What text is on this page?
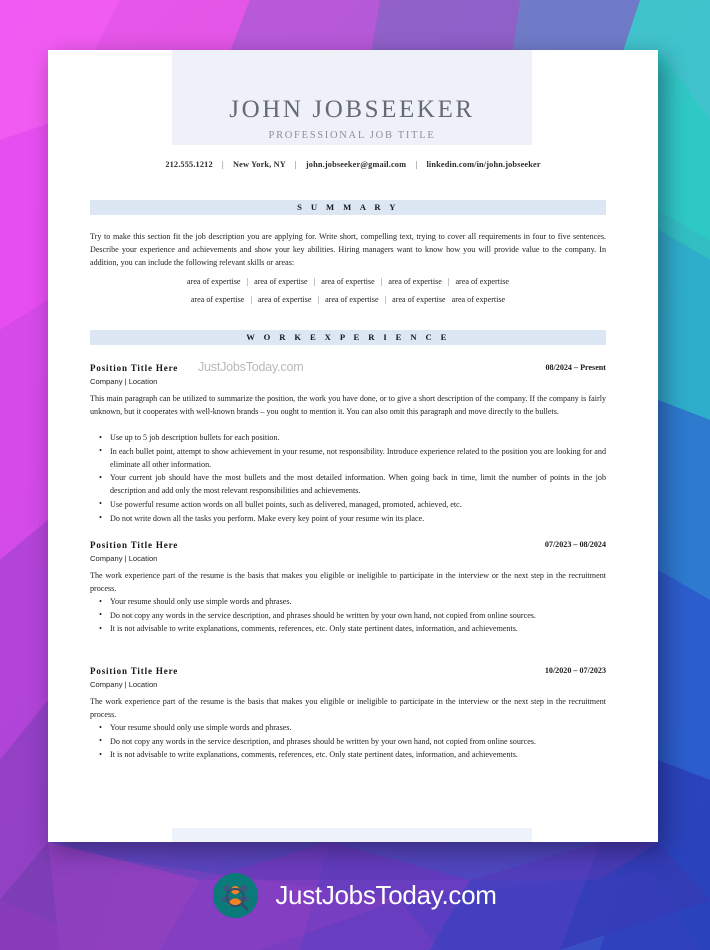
JOHN JOBSEEKER
PROFESSIONAL JOB TITLE
212.555.1212 | New York, NY | john.jobseeker@gmail.com | linkedin.com/in/john.jobseeker
S U M M A R Y
Try to make this section fit the job description you are applying for. Write short, compelling text, trying to cover all requirements in four to five sentences. Describe your experience and achievements and show your key abilities. Hiring managers want to know how you will provide value to the company. In addition, you can include the following relevant skills or areas:
area of expertise | area of expertise | area of expertise | area of expertise | area of expertise
area of expertise | area of expertise | area of expertise | area of expertise area of expertise
W O R K E X P E R I E N C E
Position Title Here JustJobsToday.com	08/2024 – Present
Company | Location
This main paragraph can be utilized to summarize the position, the work you have done, or to give a short description of the company. If the company is fairly unknown, but it cooperates with well-known brands – you ought to mention it. You can also omit this paragraph and move directly to the bullets.
• Use up to 5 job description bullets for each position.
• In each bullet point, attempt to show achievement in your resume, not responsibility. Introduce experience related to the position you are looking for and eliminate all other information.
• Your current job should have the most bullets and the most detailed information. When going back in time, limit the number of points in the job description and add only the most relevant responsibilities and achievements.
• Use powerful resume action words on all bullet points, such as delivered, managed, promoted, achieved, etc.
• Do not write down all the tasks you perform. Make every key point of your resume win its place.
Position Title Here	07/2023 – 08/2024
Company | Location
The work experience part of the resume is the basis that makes you eligible or ineligible to participate in the interview or the next step in the recruitment process.
• Your resume should only use simple words and phrases.
• Do not copy any words in the service description, and phrases should be written by your own hand, not copied from online sources.
• It is not advisable to write explanations, comments, references, etc. Only state pertinent dates, information, and achievements.
Position Title Here	10/2020 – 07/2023
Company | Location
The work experience part of the resume is the basis that makes you eligible or ineligible to participate in the interview or the next step in the recruitment process.
• Your resume should only use simple words and phrases.
• Do not copy any words in the service description, and phrases should be written by your own hand, not copied from online sources.
• It is not advisable to write explanations, comments, references, etc. Only state pertinent dates, information, and achievements.
JustJobsToday.com
